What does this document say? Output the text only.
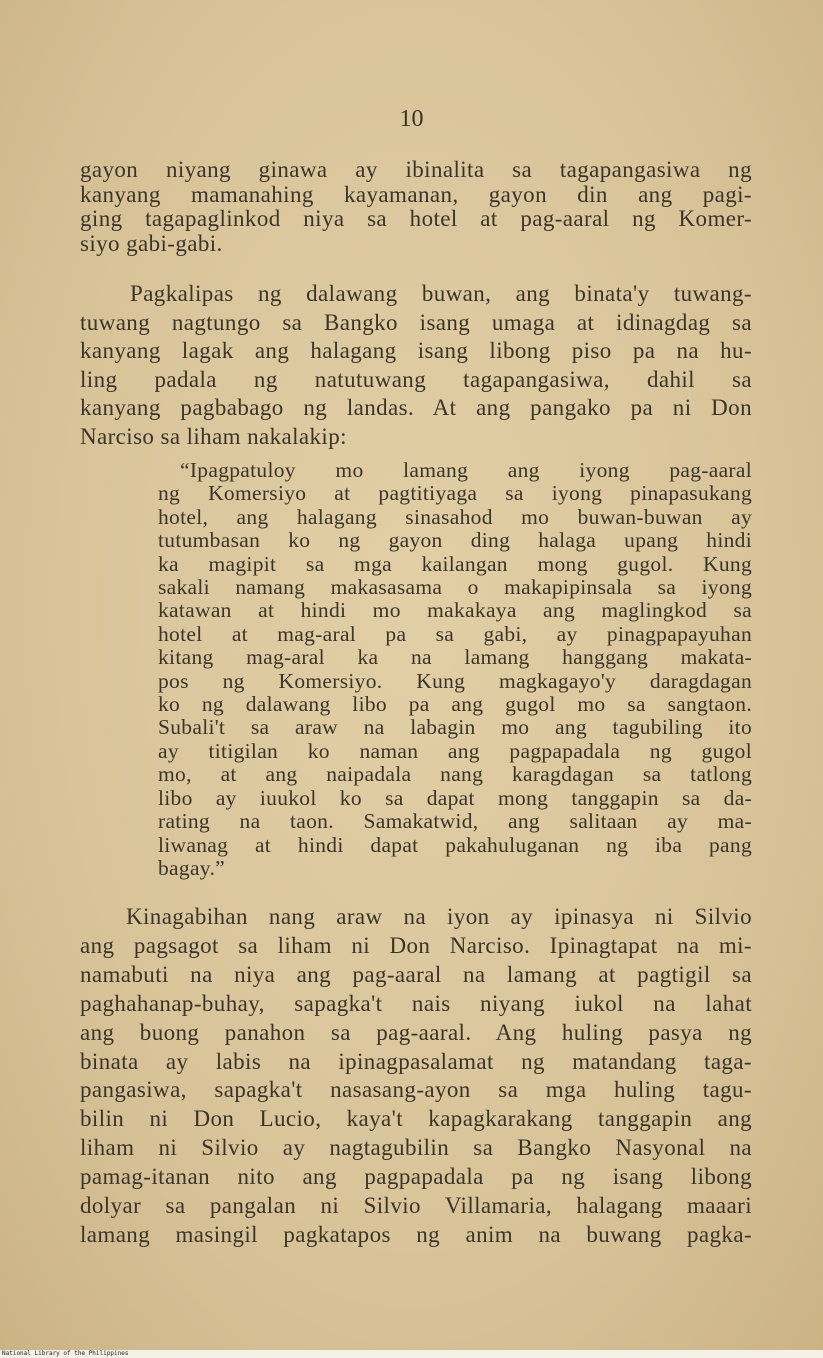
10

gayon niyang ginawa ay ibinalita sa tagapangasiwa ng
kanyang mamanahing kayamanan, gayon din ang pagi-
ging tagapaglinkod niya sa hotel at pag-aaral ng Komer-
siyo gabi-gabi.

Pagkalipas ng dalawang buwan, ang binata'y tuwang-
tuwang nagtungo sa Bangko isang umaga at idinagdag sa
kanyang lagak ang halagang isang libong piso pa na hu-
ling padala ng natutuwang tagapangasiwa, dahil sa
kanyang pagbabago ng landas. At ang pangako pa ni Don
Narciso sa liham nakalakip:

“Ipagpatuloy mo lamang ang iyong pag-aaral
ng Komersiyo at pagtitiyaga sa iyong pinapasukang
hotel, ang halagang sinasahod mo buwan-buwan ay
tutumbasan ko ng gayon ding halaga upang hindi
ka magipit sa mga kailangan mong gugol. Kung
sakali namang makasasama o makapipinsala sa iyong
katawan at hindi mo makakaya ang maglingkod sa
hotel at mag-aral pa sa gabi, ay pinagpapayuhan
kitang mag-aral ka na lamang hanggang makata-
pos ng Komersiyo. Kung magkagayo'y daragdagan
ko ng dalawang libo pa ang gugol mo sa sangtaon.
Subali't sa araw na labagin mo ang tagubiling ito
ay titigilan ko naman ang pagpapadala ng gugol
mo, at ang naipadala nang karagdagan sa tatlong
libo ay iuukol ko sa dapat mong tanggapin sa da-
rating na taon. Samakatwid, ang salitaan ay ma-
liwanag at hindi dapat pakahuluganan ng iba pang
bagay.”

Kinagabihan nang araw na iyon ay ipinasya ni Silvio
ang pagsagot sa liham ni Don Narciso. Ipinagtapat na mi-
namabuti na niya ang pag-aaral na lamang at pagtigil sa
paghahanap-buhay, sapagka't nais niyang iukol na lahat
ang buong panahon sa pag-aaral. Ang huling pasya ng
binata ay labis na ipinagpasalamat ng matandang taga-
pangasiwa, sapagka't nasasang-ayon sa mga huling tagu-
bilin ni Don Lucio, kaya't kapagkarakang tanggapin ang
liham ni Silvio ay nagtagubilin sa Bangko Nasyonal na
pamag-itanan nito ang pagpapadala pa ng isang libong
dolyar sa pangalan ni Silvio Villamaria, halagang maaari
lamang masingil pagkatapos ng anim na buwang pagka-

National Library of the Philippines
